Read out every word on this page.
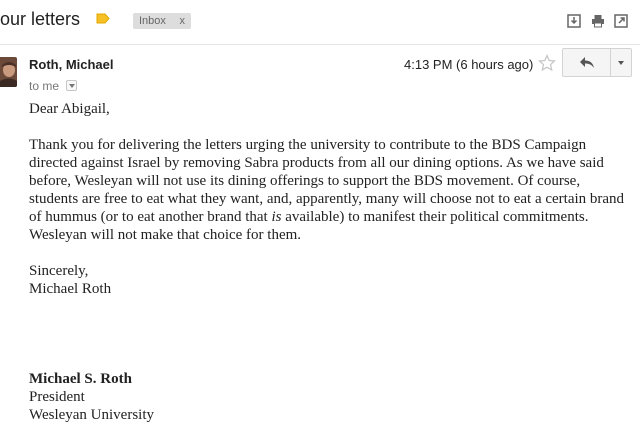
our letters	Inbox x
Roth, Michael
to me
4:13 PM (6 hours ago)

Dear Abigail,

Thank you for delivering the letters urging the university to contribute to the BDS Campaign directed against Israel by removing Sabra products from all our dining options. As we have said before, Wesleyan will not use its dining offerings to support the BDS movement. Of course, students are free to eat what they want, and, apparently, many will choose not to eat a certain brand of hummus (or to eat another brand that is available) to manifest their political commitments. Wesleyan will not make that choice for them.

Sincerely,

Michael Roth

Michael S. Roth

President

Wesleyan University
